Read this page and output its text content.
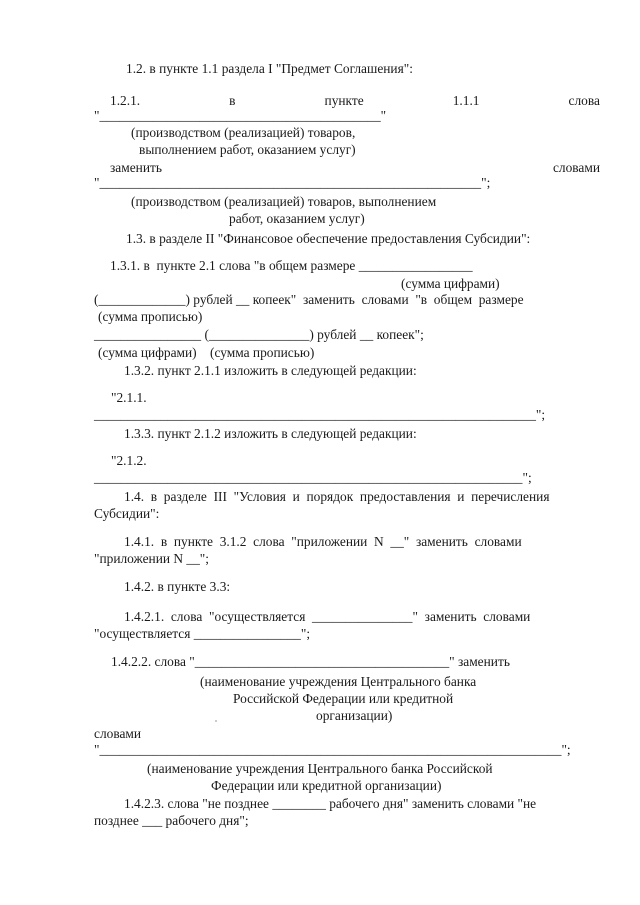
1.2. в пункте 1.1 раздела I "Предмет Соглашения":
1.2.1.	в	пункте	1.1.1	слова
"__________________________________________"
(производством (реализацией) товаров,
выполнением работ, оказанием услуг)
заменить	словами
"_________________________________________________________";
(производством (реализацией) товаров, выполнением
работ, оказанием услуг)
1.3. в разделе II "Финансовое обеспечение предоставления Субсидии":
1.3.1. в  пункте 2.1 слова "в общем размере _________________
(сумма цифрами)
(_____________) рублей __ копеек"  заменить  словами  "в  общем  размере
(сумма прописью)
________________ (_______________) рублей __ копеек";
(сумма цифрами)    (сумма прописью)
1.3.2. пункт 2.1.1 изложить в следующей редакции:
"2.1.1.
__________________________________________________________________";
1.3.3. пункт 2.1.2 изложить в следующей редакции:
"2.1.2.
________________________________________________________________";
1.4.  в  разделе  III  "Условия  и  порядок  предоставления  и  перечисления
Субсидии":
1.4.1.  в  пункте  3.1.2  слова  "приложении  N  __"  заменить  словами
"приложении N __";
1.4.2. в пункте 3.3:
1.4.2.1.  слова  "осуществляется  _______________"  заменить  словами
"осуществляется ________________";
1.4.2.2. слова "______________________________________" заменить
(наименование учреждения Центрального банка
Российской Федерации или кредитной
организации)
словами
"_____________________________________________________________________";
(наименование учреждения Центрального банка Российской
Федерации или кредитной организации)
1.4.2.3. слова "не позднее ________ рабочего дня" заменить словами "не
позднее ___ рабочего дня";
